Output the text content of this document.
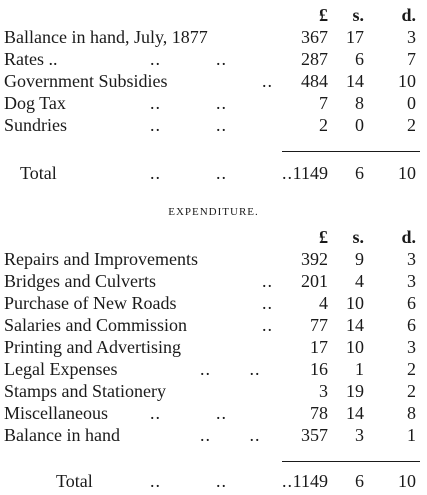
£	s.	d.
Ballance in hand, July, 1877	367	17	3
Rates ..	..          ..	287	6	7
Government Subsidies	..	484	14	10
Dog Tax	..          ..	7	8	0
Sundries	..          ..	2	0	2
Total	..          ..          .. 1149	6	10
EXPENDITURE.
£	s.	d.
Repairs and Improvements	392	9	3
Bridges and Culverts	..	201	4	3
Purchase of New Roads	..	4	10	6
Salaries and Commission	..	77	14	6
Printing and Advertising	17	10	3
Legal Expenses	..       ..	16	1	2
Stamps and Stationery	3	19	2
Miscellaneous ..          ..	78	14	8
Balance in hand	..       ..	357	3	1
Total	..          ..          .. 1149	6	10
